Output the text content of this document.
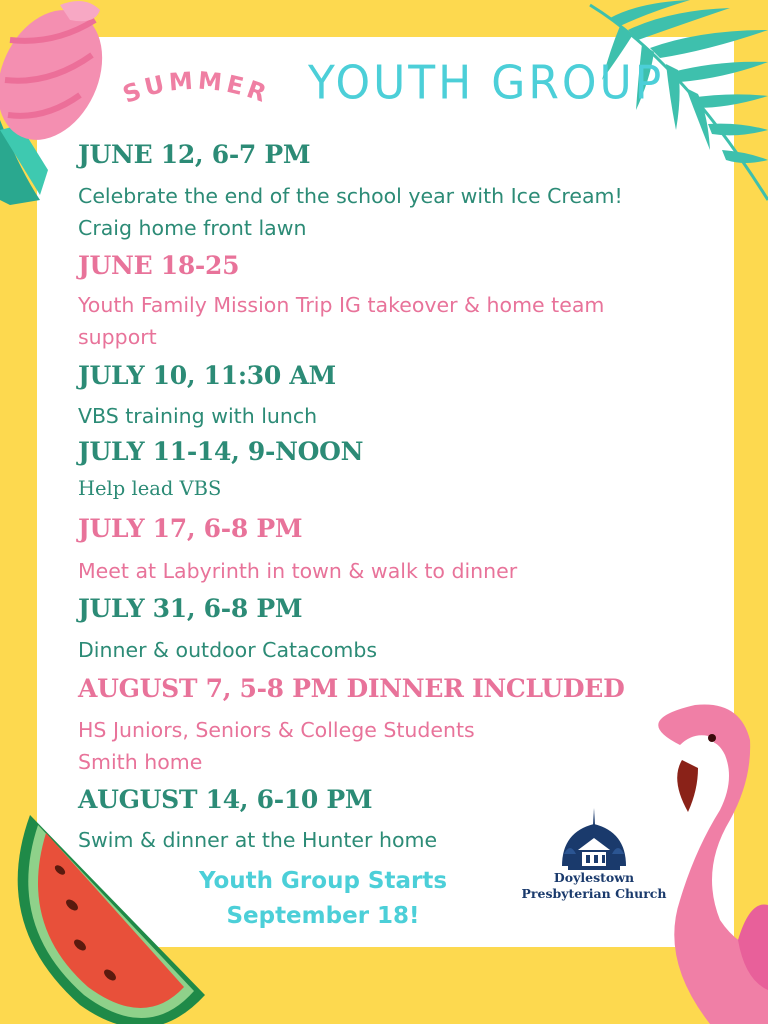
SUMMER YOUTH GROUP
JUNE 12, 6-7 PM
Celebrate the end of the school year with Ice Cream!
Craig home front lawn
JUNE 18-25
Youth Family Mission Trip IG takeover & home team
support
JULY 10, 11:30 AM
VBS training with lunch
JULY 11-14, 9-NOON
Help lead VBS
JULY 17, 6-8 PM
Meet at Labyrinth in town & walk to dinner
JULY 31, 6-8 PM
Dinner & outdoor Catacombs
AUGUST 7, 5-8 PM DINNER INCLUDED
HS Juniors, Seniors & College Students
Smith home
AUGUST 14, 6-10 PM
Swim & dinner at the Hunter home
Youth Group Starts
September 18!
Doylestown
Presbyterian Church
